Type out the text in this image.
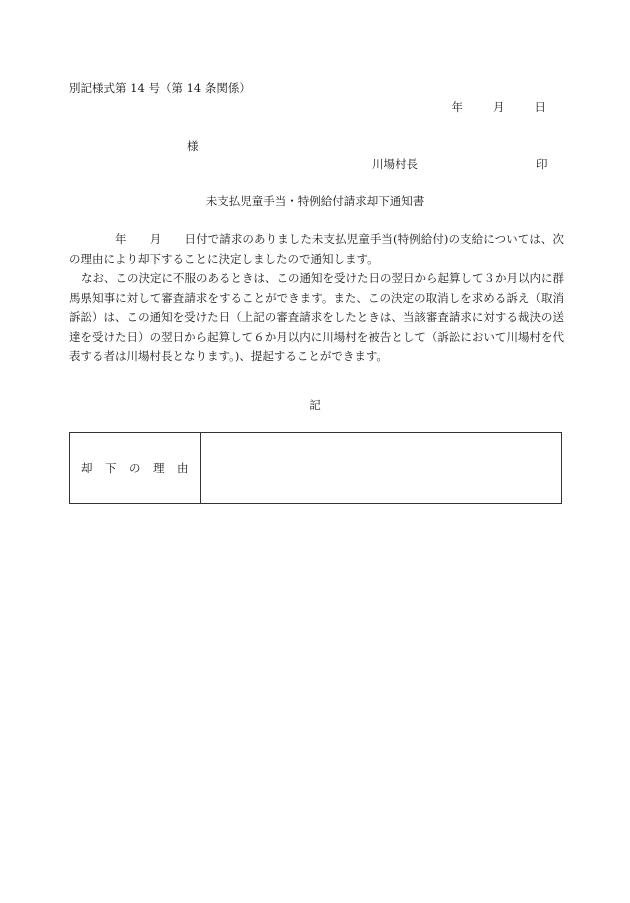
別記様式第 14 号（第 14 条関係）
年	月	日
様
川場村長	印
未支払児童手当・特例給付請求却下通知書

年　　月　　日付で請求のありました未支払児童手当(特例給付)の支給については、次の理由により却下することに決定しましたので通知します。

なお、この決定に不服のあるときは、この通知を受けた日の翌日から起算して３か月以内に群馬県知事に対して審査請求をすることができます。また、この決定の取消しを求める訴え（取消訴訟）は、この通知を受けた日（上記の審査請求をしたときは、当該審査請求に対する裁決の送達を受けた日）の翌日から起算して６か月以内に川場村を被告として（訴訟において川場村を代表する者は川場村長となります。)、提起することができます。

記
却　下　の　理　由
